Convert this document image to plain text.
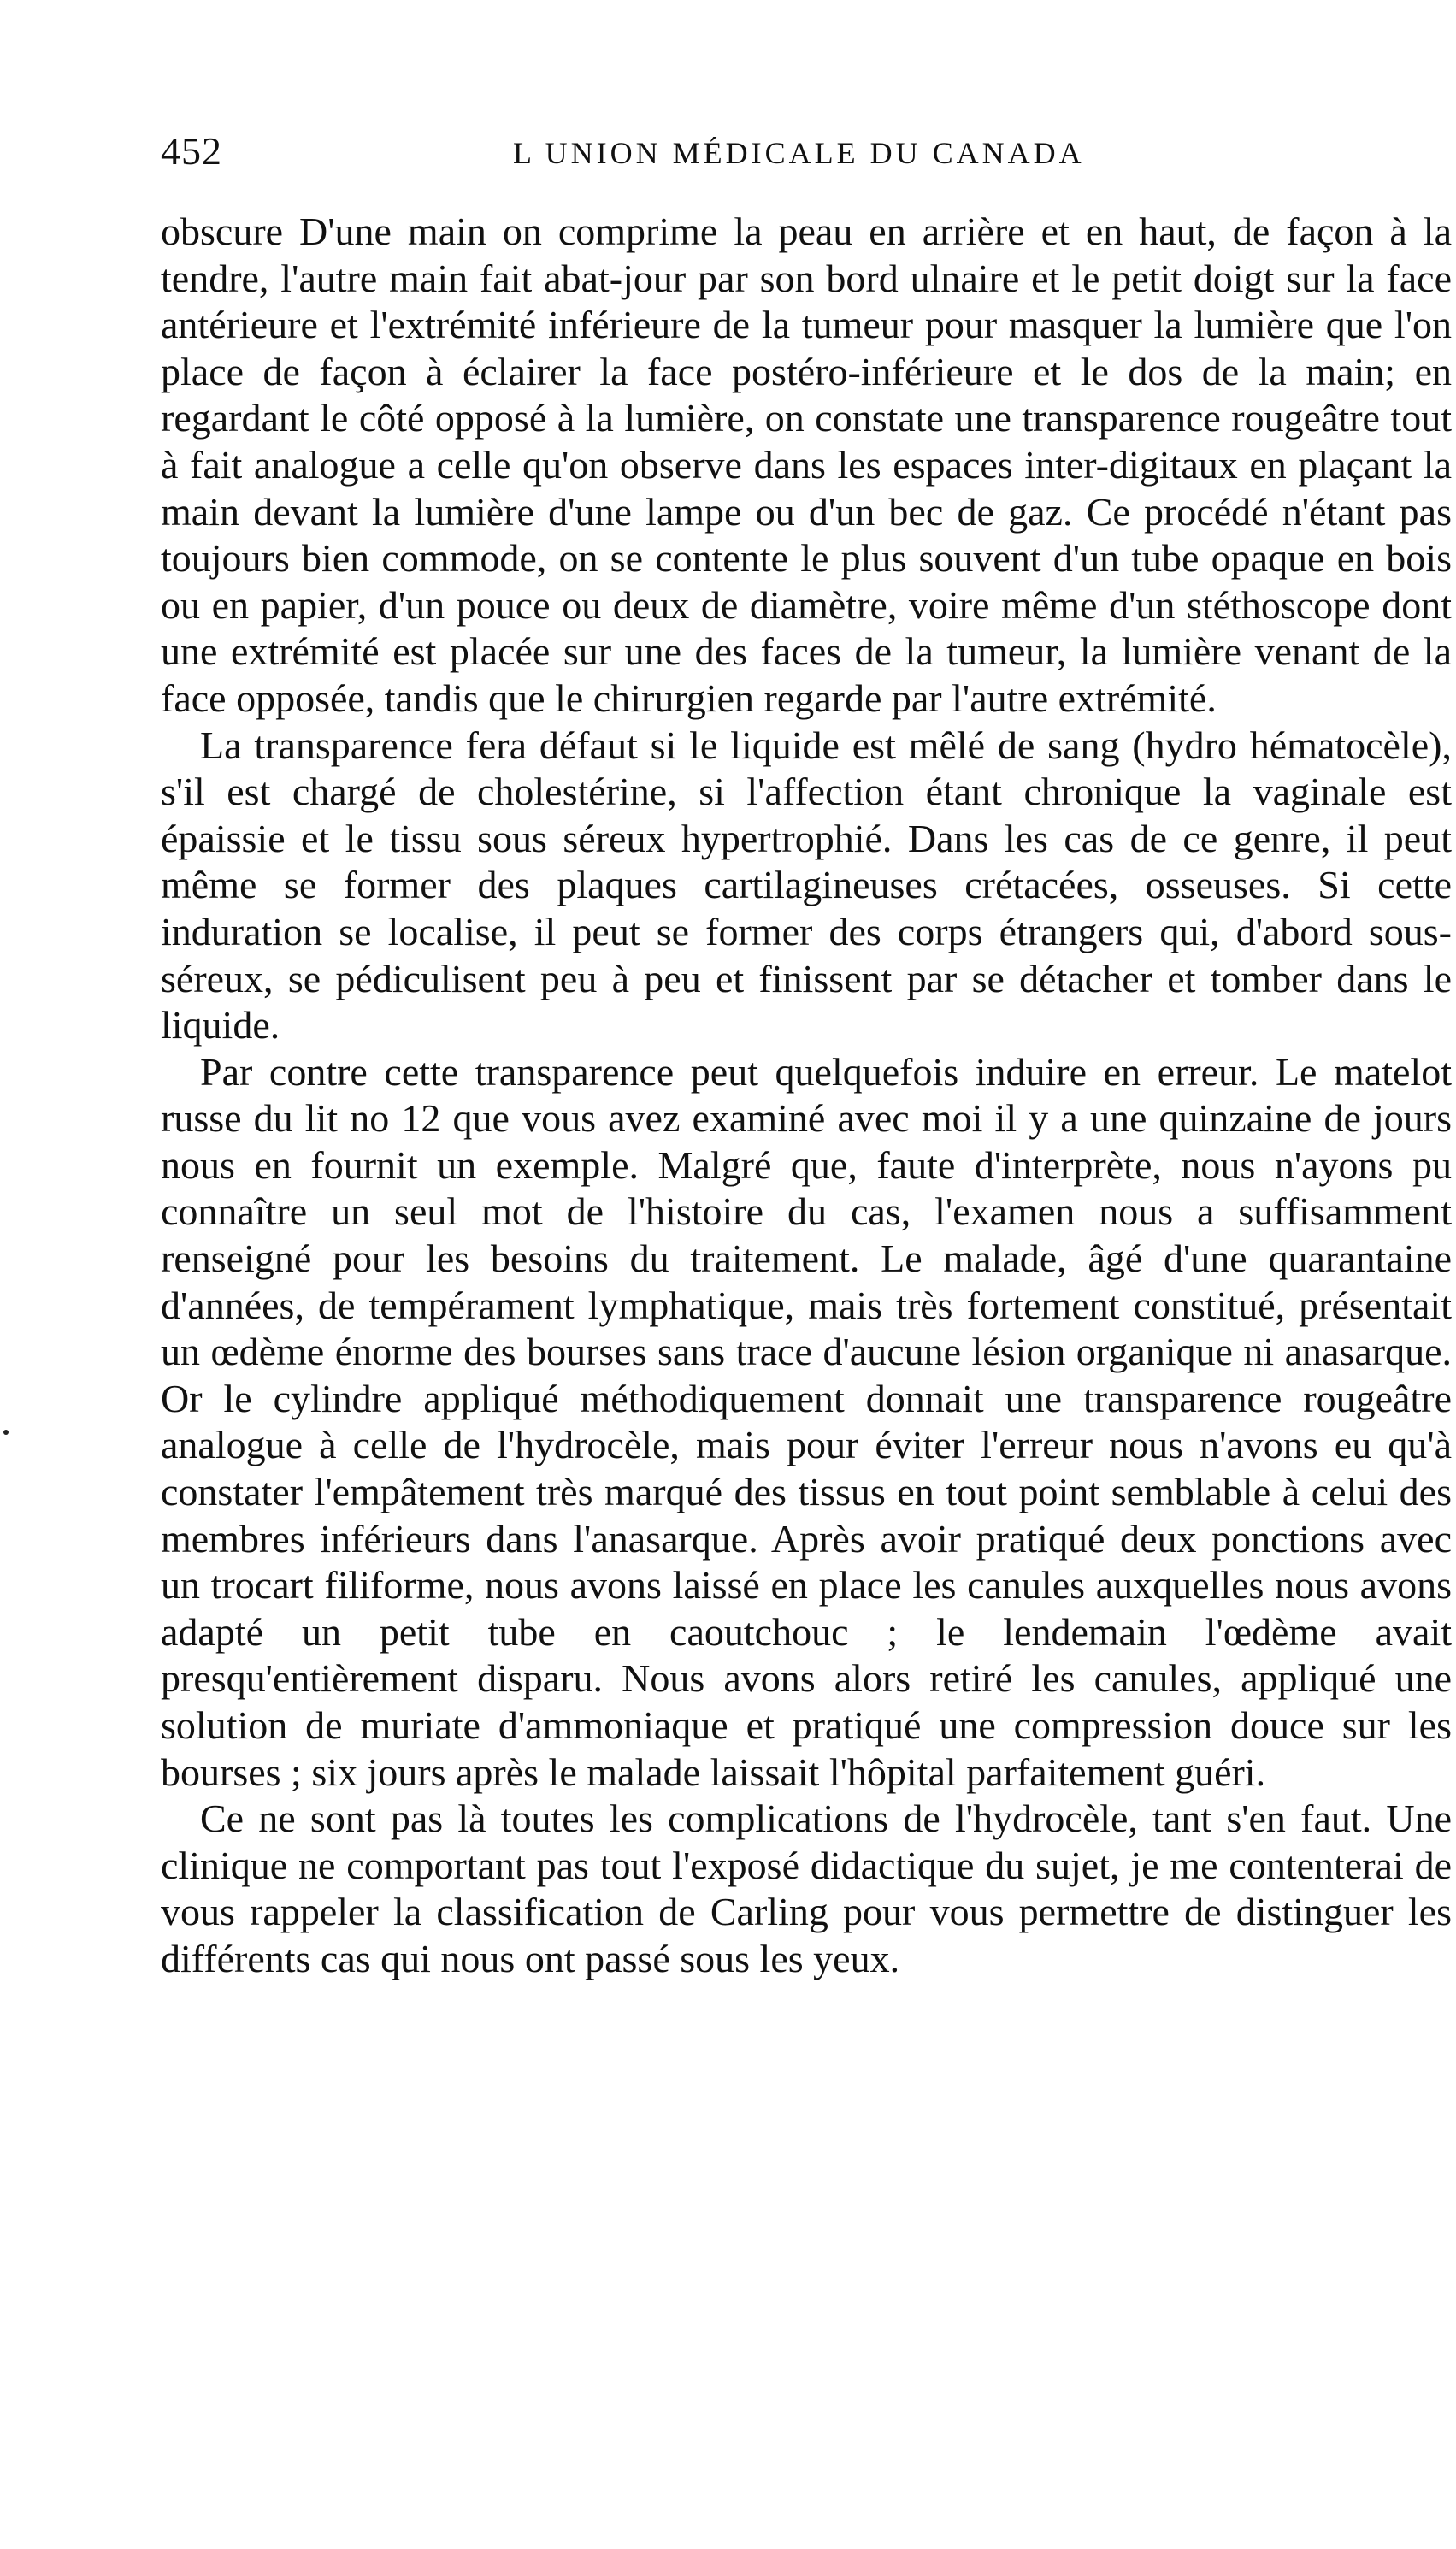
452	L UNION MÉDICALE DU CANADA

obscure D'une main on comprime la peau en arrière et en haut, de façon à la tendre, l'autre main fait abat-jour par son bord ulnaire et le petit doigt sur la face antérieure et l'extrémité inférieure de la tumeur pour masquer la lumière que l'on place de façon à éclairer la face postéro-inférieure et le dos de la main; en regardant le côté opposé à la lumière, on constate une transparence rougeâtre tout à fait analogue a celle qu'on observe dans les espaces inter-digitaux en plaçant la main devant la lumière d'une lampe ou d'un bec de gaz. Ce procédé n'étant pas toujours bien commode, on se contente le plus souvent d'un tube opaque en bois ou en papier, d'un pouce ou deux de diamètre, voire même d'un stéthoscope dont une extrémité est placée sur une des faces de la tumeur, la lumière venant de la face opposée, tandis que le chirurgien regarde par l'autre extrémité.

La transparence fera défaut si le liquide est mêlé de sang (hydro hématocèle), s'il est chargé de cholestérine, si l'affection étant chronique la vaginale est épaissie et le tissu sous séreux hypertrophié. Dans les cas de ce genre, il peut même se former des plaques cartilagineuses crétacées, osseuses. Si cette induration se localise, il peut se former des corps étrangers qui, d'abord sous-séreux, se pédiculisent peu à peu et finissent par se détacher et tomber dans le liquide.

Par contre cette transparence peut quelquefois induire en erreur. Le matelot russe du lit no 12 que vous avez examiné avec moi il y a une quinzaine de jours nous en fournit un exemple. Malgré que, faute d'interprète, nous n'ayons pu connaître un seul mot de l'histoire du cas, l'examen nous a suffisamment renseigné pour les besoins du traitement. Le malade, âgé d'une quarantaine d'années, de tempérament lymphatique, mais très fortement constitué, présentait un œdème énorme des bourses sans trace d'aucune lésion organique ni anasarque. Or le cylindre appliqué méthodiquement donnait une transparence rougeâtre analogue à celle de l'hydrocèle, mais pour éviter l'erreur nous n'avons eu qu'à constater l'empâtement très marqué des tissus en tout point semblable à celui des membres inférieurs dans l'anasarque. Après avoir pratiqué deux ponctions avec un trocart filiforme, nous avons laissé en place les canules auxquelles nous avons adapté un petit tube en caoutchouc ; le lendemain l'œdème avait presqu'entièrement disparu. Nous avons alors retiré les canules, appliqué une solution de muriate d'ammoniaque et pratiqué une compression douce sur les bourses ; six jours après le malade laissait l'hôpital parfaitement guéri.

Ce ne sont pas là toutes les complications de l'hydrocèle, tant s'en faut. Une clinique ne comportant pas tout l'exposé didactique du sujet, je me contenterai de vous rappeler la classification de Carling pour vous permettre de distinguer les différents cas qui nous ont passé sous les yeux.
